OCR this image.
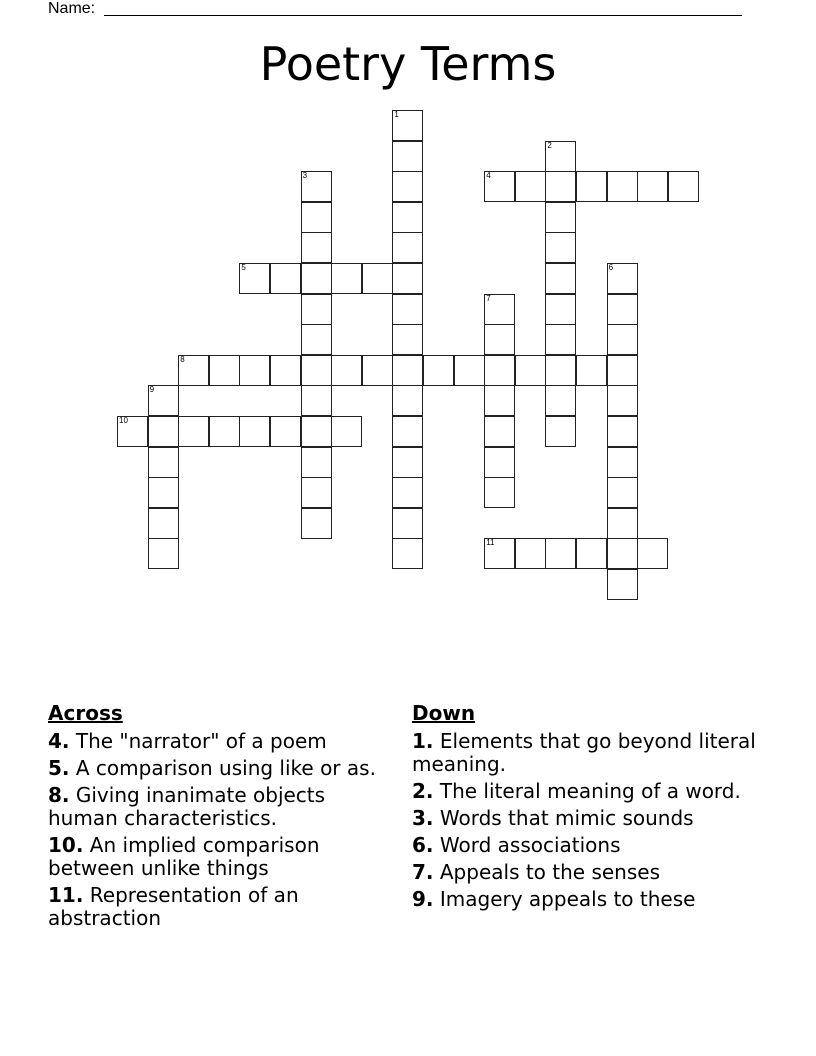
Name:
Poetry Terms
1
2
3	4
5	6
7
8
9
10
11
Across
4. The "narrator" of a poem
5. A comparison using like or as.
8. Giving inanimate objects human characteristics.
10. An implied comparison between unlike things
11. Representation of an abstraction
Down
1. Elements that go beyond literal meaning.
2. The literal meaning of a word.
3. Words that mimic sounds
6. Word associations
7. Appeals to the senses
9. Imagery appeals to these
